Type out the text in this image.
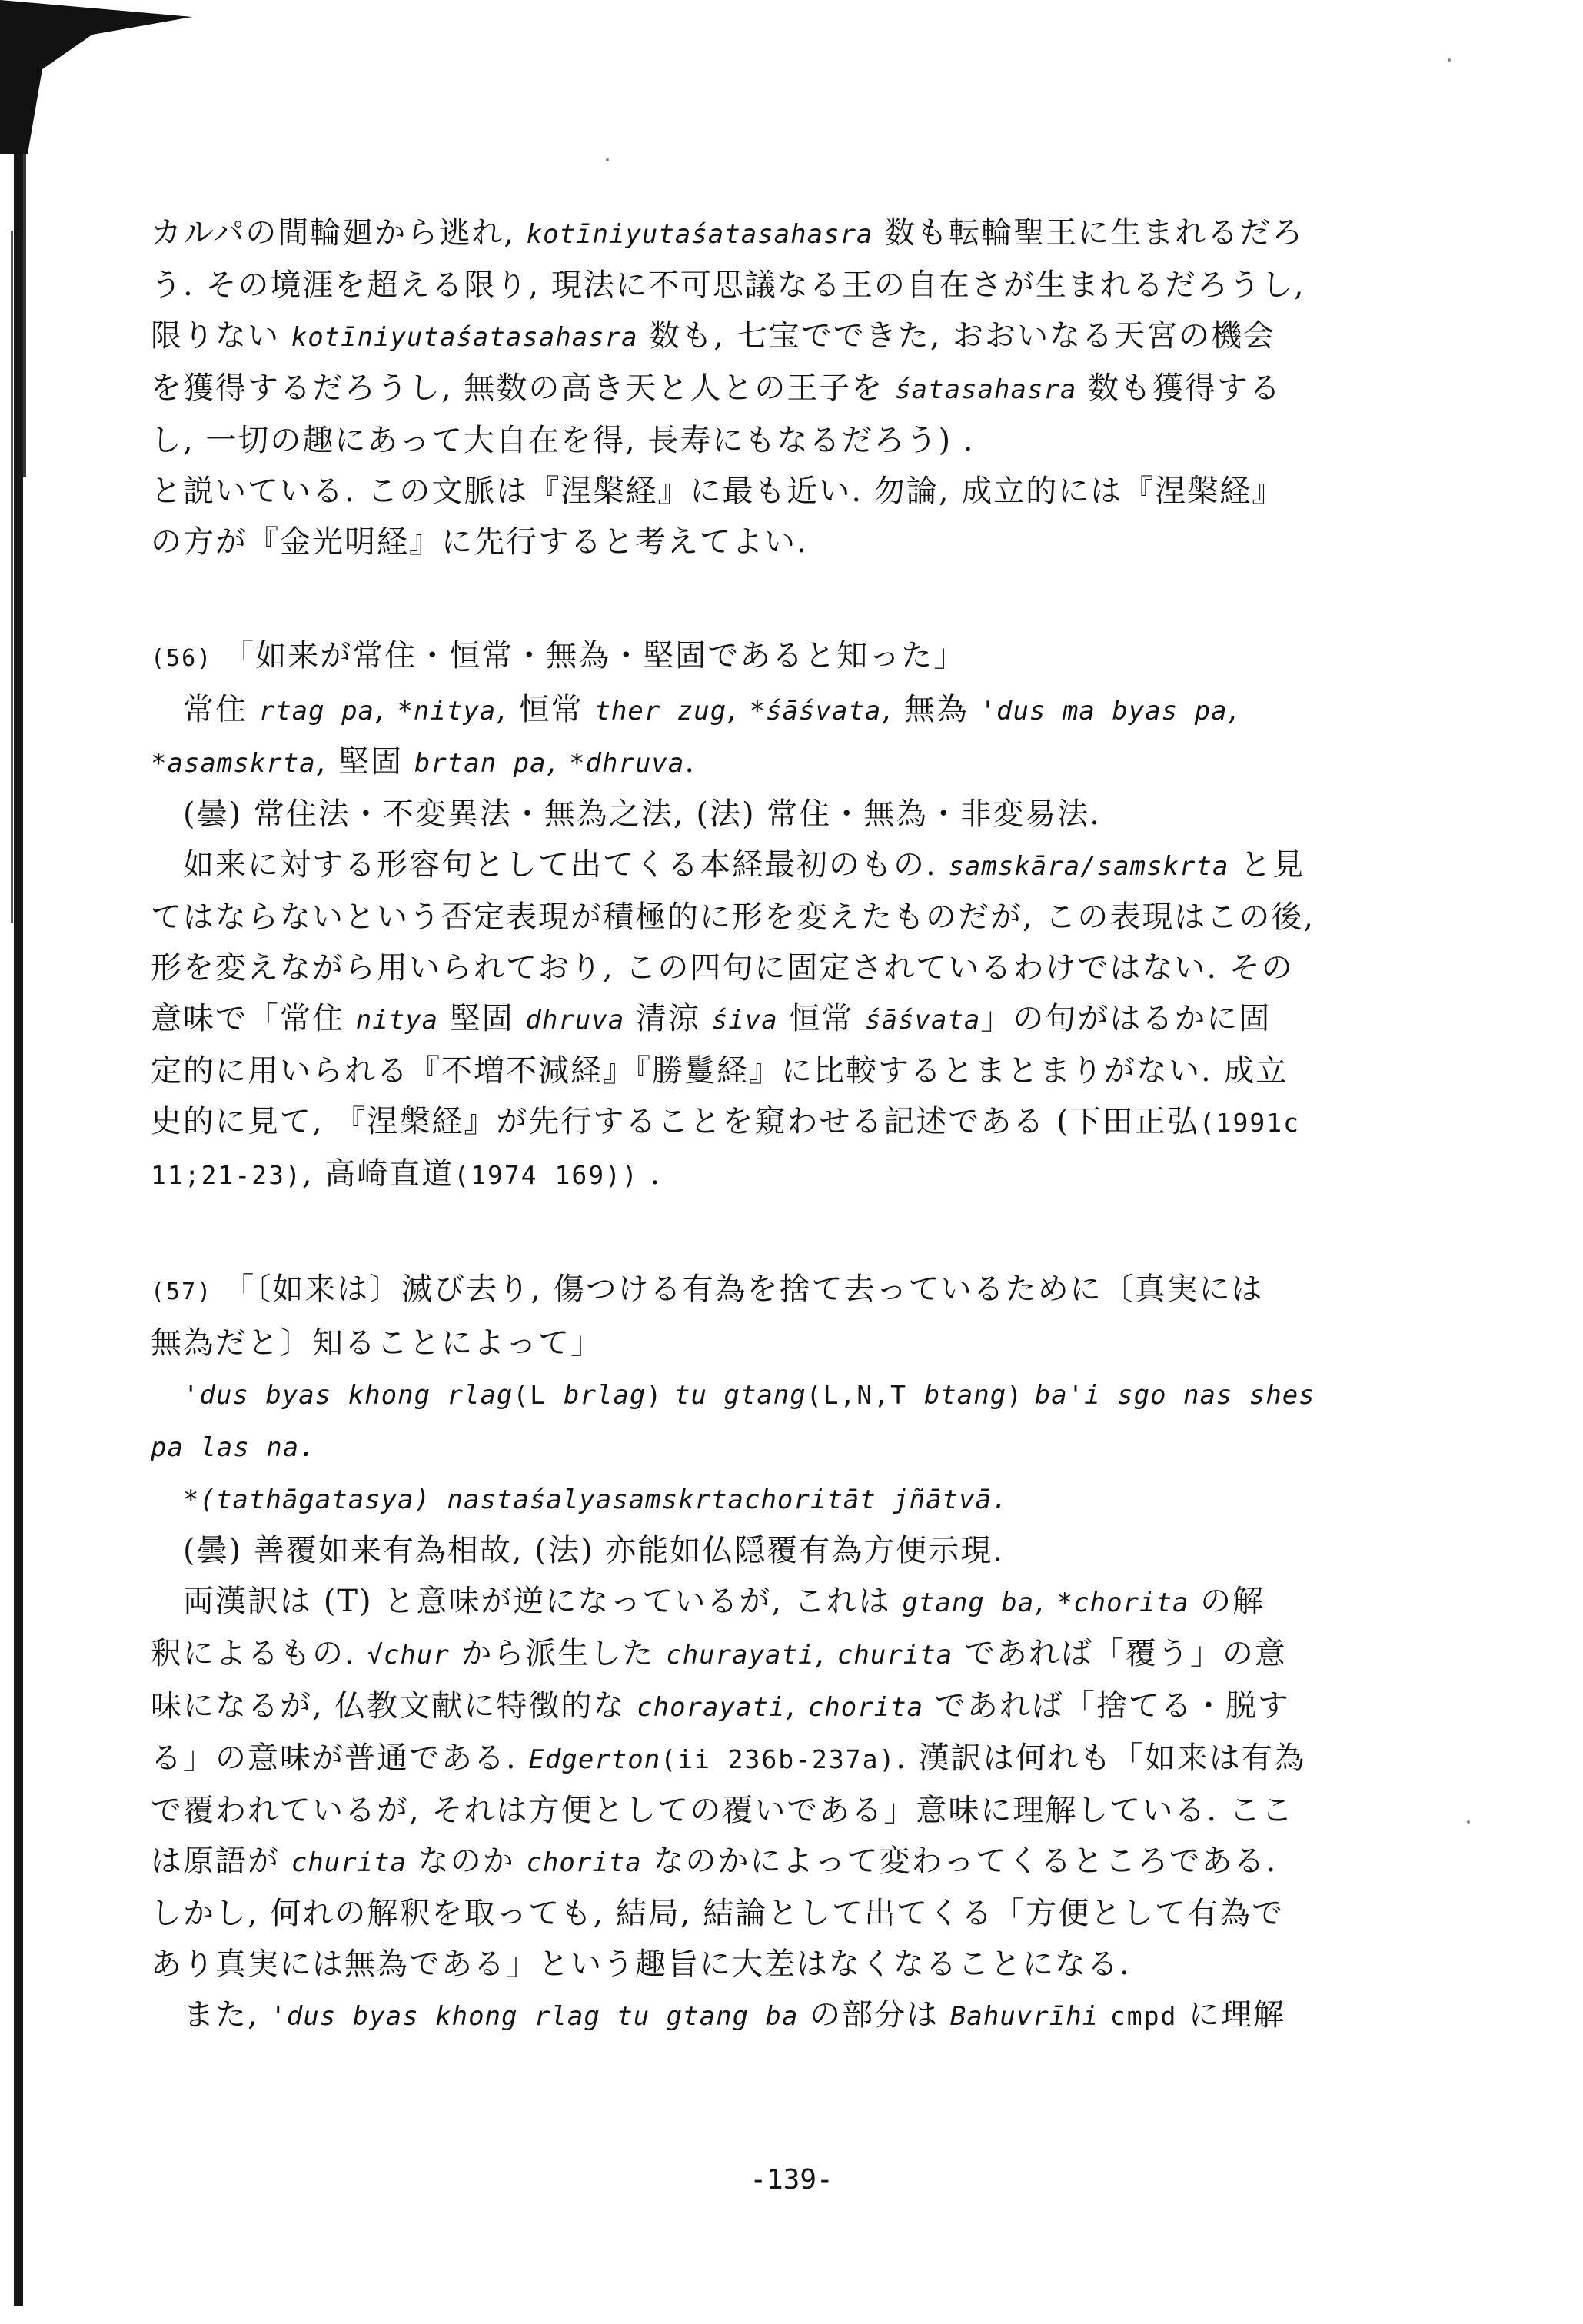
カルパの間輪廻から逃れ, kotīniyutaśatasahasra 数も転輪聖王に生まれるだろ
う. その境涯を超える限り, 現法に不可思議なる王の自在さが生まれるだろうし,
限りない kotīniyutaśatasahasra 数も, 七宝でできた, おおいなる天宮の機会
を獲得するだろうし, 無数の高き天と人との王子を śatasahasra 数も獲得する
し, 一切の趣にあって大自在を得, 長寿にもなるだろう) .
と説いている. この文脈は『涅槃経』に最も近い. 勿論, 成立的には『涅槃経』
の方が『金光明経』に先行すると考えてよい.
(56) 「如来が常住・恒常・無為・堅固であると知った」
常住 rtag pa, *nitya, 恒常 ther zug, *śāśvata, 無為 'dus ma byas pa,
*asamskrta, 堅固 brtan pa, *dhruva.
(曇) 常住法・不変異法・無為之法, (法) 常住・無為・非変易法.
如来に対する形容句として出てくる本経最初のもの. samskāra/samskrta と見
てはならないという否定表現が積極的に形を変えたものだが, この表現はこの後,
形を変えながら用いられており, この四句に固定されているわけではない. その
意味で「常住 nitya 堅固 dhruva 清涼 śiva 恒常 śāśvata」の句がはるかに固
定的に用いられる『不増不減経』『勝鬘経』に比較するとまとまりがない. 成立
史的に見て, 『涅槃経』が先行することを窺わせる記述である (下田正弘(1991c
11;21-23), 高崎直道(1974 169)) .
(57) 「〔如来は〕滅び去り, 傷つける有為を捨て去っているために〔真実には
無為だと〕知ることによって」
'dus byas khong rlag(L brlag) tu gtang(L,N,T btang) ba'i sgo nas shes
pa las na.
*(tathāgatasya) nastaśalyasamskrtachoritāt jñātvā.
(曇) 善覆如来有為相故, (法) 亦能如仏隠覆有為方便示現.
両漢訳は (T) と意味が逆になっているが, これは gtang ba, *chorita の解
釈によるもの. √chur から派生した churayati, churita であれば「覆う」の意
味になるが, 仏教文献に特徴的な chorayati, chorita であれば「捨てる・脱す
る」の意味が普通である. Edgerton(ii 236b-237a). 漢訳は何れも「如来は有為
で覆われているが, それは方便としての覆いである」意味に理解している. ここ
は原語が churita なのか chorita なのかによって変わってくるところである.
しかし, 何れの解釈を取っても, 結局, 結論として出てくる「方便として有為で
あり真実には無為である」という趣旨に大差はなくなることになる.
また, 'dus byas khong rlag tu gtang ba の部分は Bahuvrīhi cmpd に理解
-139-
